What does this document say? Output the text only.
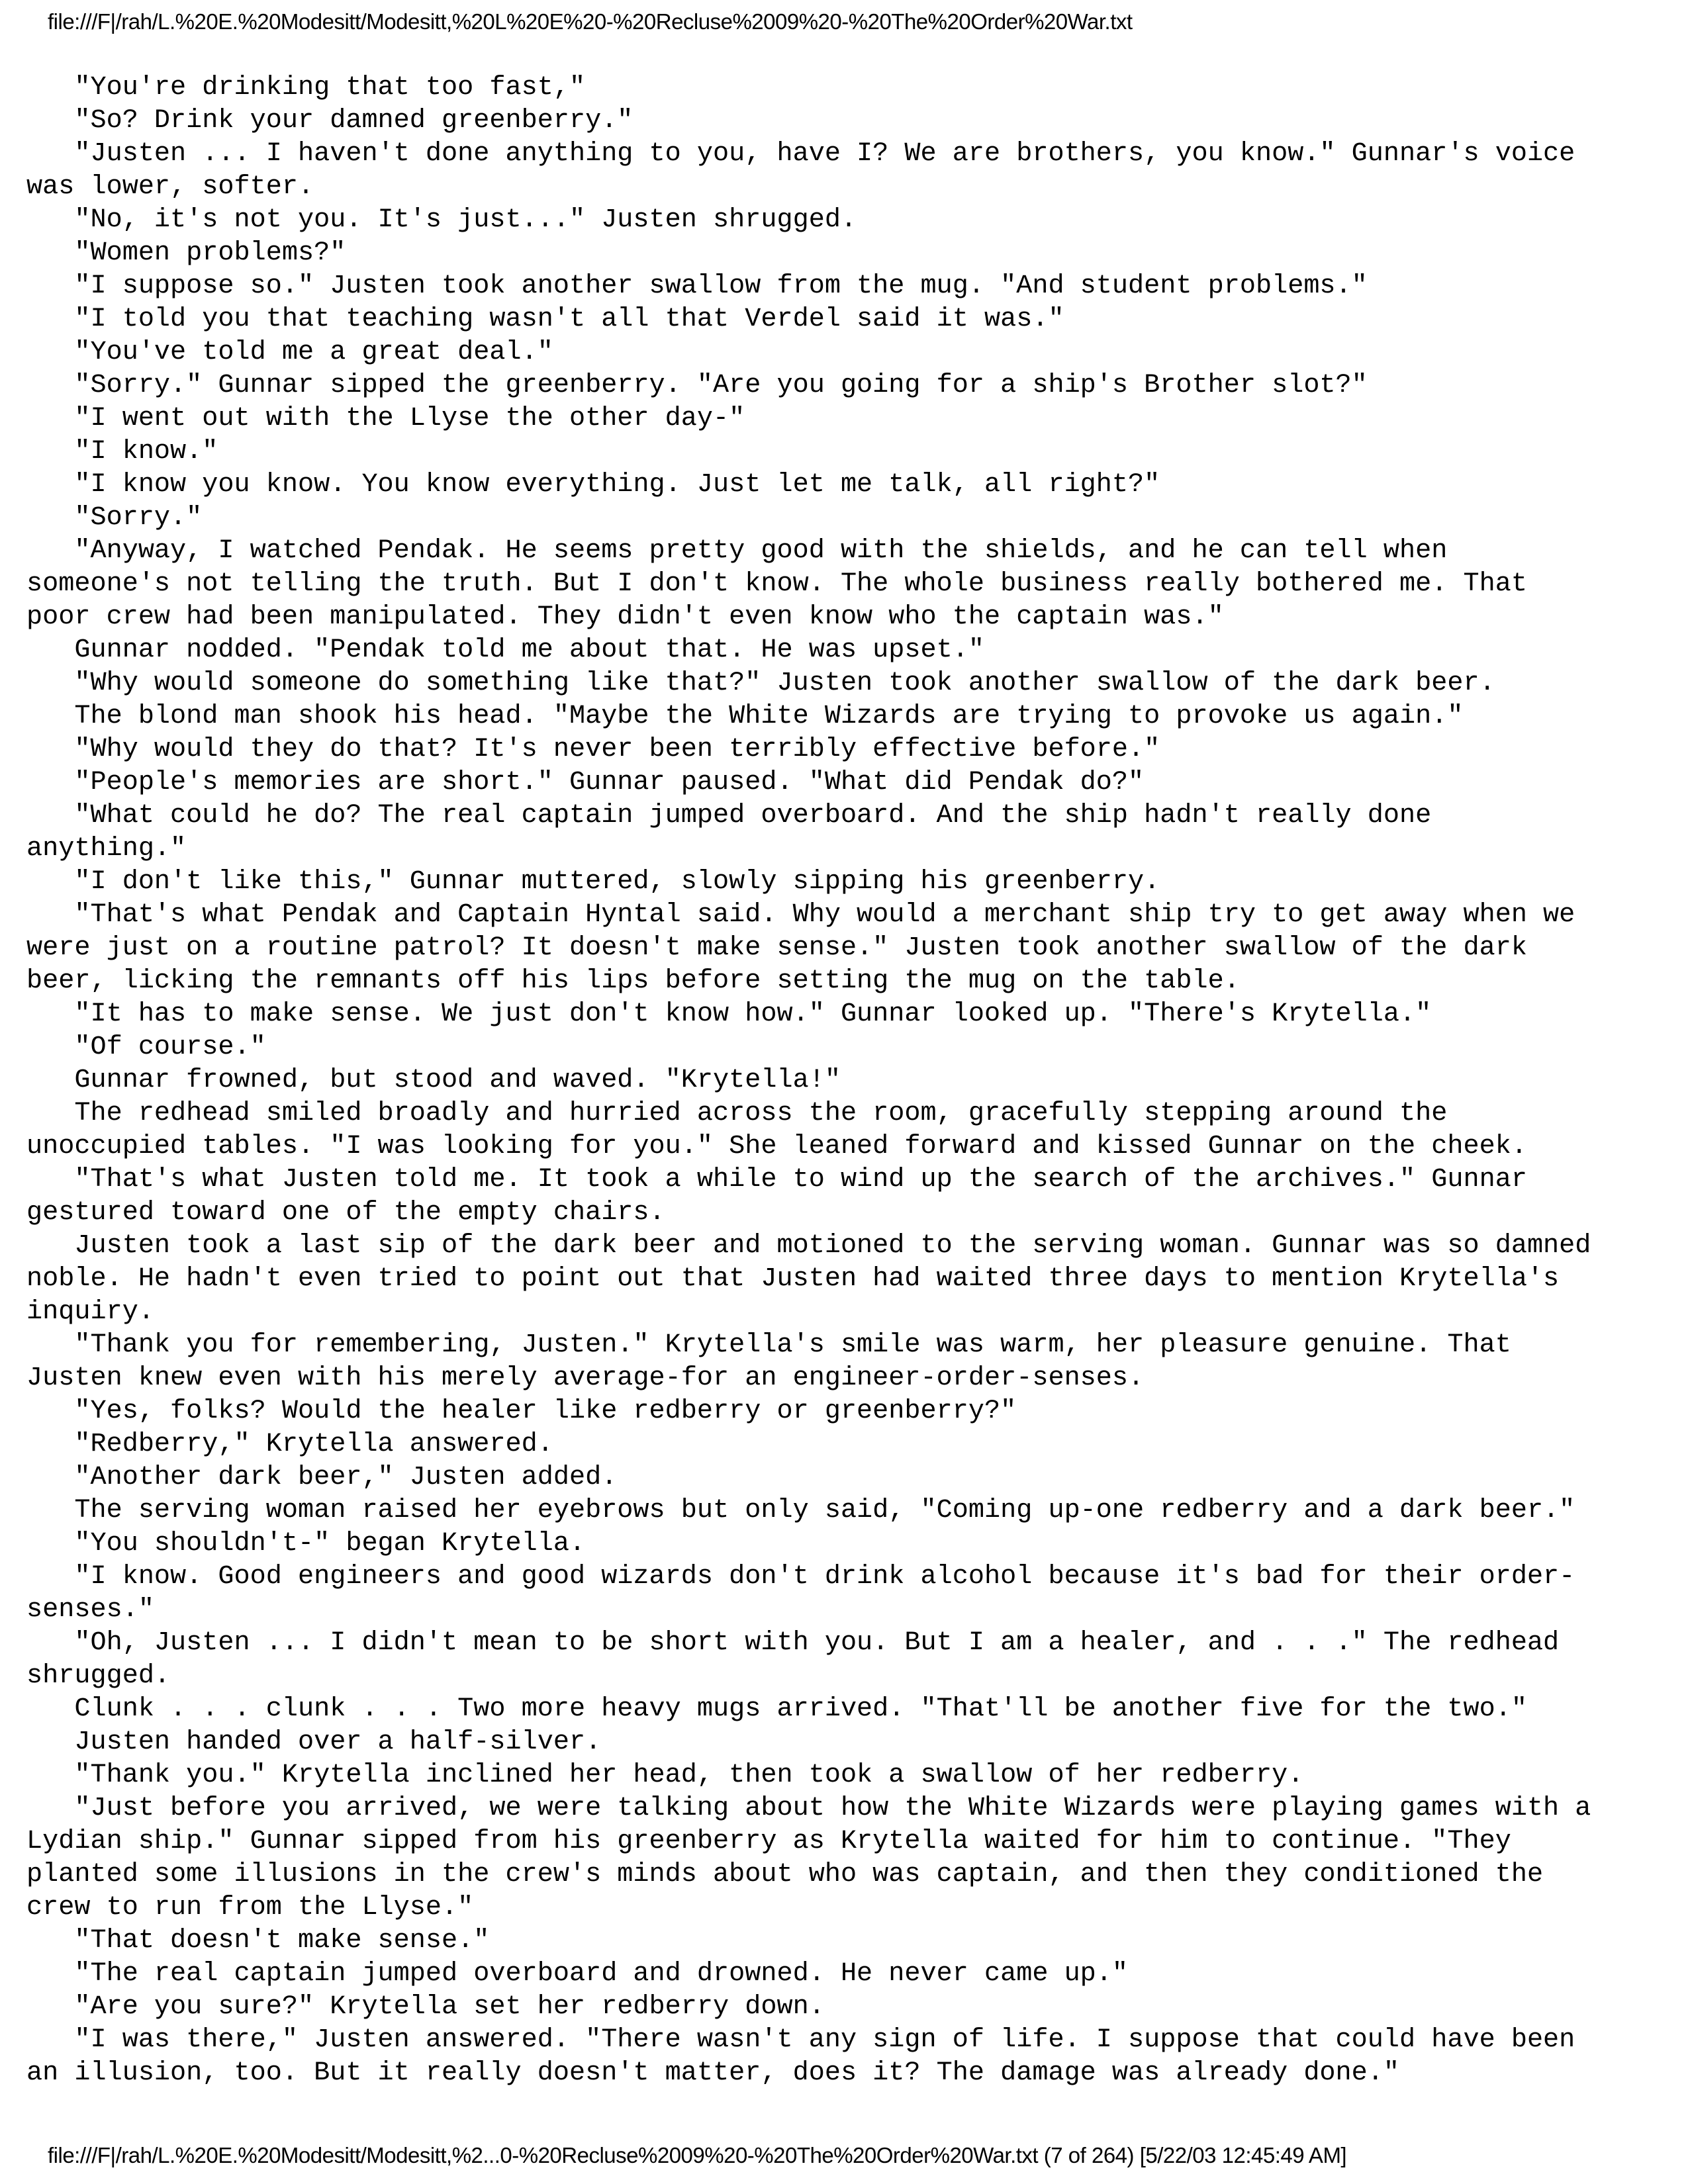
file:///F|/rah/L.%20E.%20Modesitt/Modesitt,%20L%20E%20-%20Recluse%2009%20-%20The%20Order%20War.txt
"You're drinking that too fast,"
"So? Drink your damned greenberry."
"Justen ... I haven't done anything to you, have I? We are brothers, you know." Gunnar's voice
was lower, softer.
"No, it's not you. It's just..." Justen shrugged.
"Women problems?"
"I suppose so." Justen took another swallow from the mug. "And student problems."
"I told you that teaching wasn't all that Verdel said it was."
"You've told me a great deal."
"Sorry." Gunnar sipped the greenberry. "Are you going for a ship's Brother slot?"
"I went out with the Llyse the other day-"
"I know."
"I know you know. You know everything. Just let me talk, all right?"
"Sorry."
"Anyway, I watched Pendak. He seems pretty good with the shields, and he can tell when
someone's not telling the truth. But I don't know. The whole business really bothered me. That
poor crew had been manipulated. They didn't even know who the captain was."
Gunnar nodded. "Pendak told me about that. He was upset."
"Why would someone do something like that?" Justen took another swallow of the dark beer.
The blond man shook his head. "Maybe the White Wizards are trying to provoke us again."
"Why would they do that? It's never been terribly effective before."
"People's memories are short." Gunnar paused. "What did Pendak do?"
"What could he do? The real captain jumped overboard. And the ship hadn't really done
anything."
"I don't like this," Gunnar muttered, slowly sipping his greenberry.
"That's what Pendak and Captain Hyntal said. Why would a merchant ship try to get away when we
were just on a routine patrol? It doesn't make sense." Justen took another swallow of the dark
beer, licking the remnants off his lips before setting the mug on the table.
"It has to make sense. We just don't know how." Gunnar looked up. "There's Krytella."
"Of course."
Gunnar frowned, but stood and waved. "Krytella!"
The redhead smiled broadly and hurried across the room, gracefully stepping around the
unoccupied tables. "I was looking for you." She leaned forward and kissed Gunnar on the cheek.
"That's what Justen told me. It took a while to wind up the search of the archives." Gunnar
gestured toward one of the empty chairs.
Justen took a last sip of the dark beer and motioned to the serving woman. Gunnar was so damned
noble. He hadn't even tried to point out that Justen had waited three days to mention Krytella's
inquiry.
"Thank you for remembering, Justen." Krytella's smile was warm, her pleasure genuine. That
Justen knew even with his merely average-for an engineer-order-senses.
"Yes, folks? Would the healer like redberry or greenberry?"
"Redberry," Krytella answered.
"Another dark beer," Justen added.
The serving woman raised her eyebrows but only said, "Coming up-one redberry and a dark beer."
"You shouldn't-" began Krytella.
"I know. Good engineers and good wizards don't drink alcohol because it's bad for their order-
senses."
"Oh, Justen ... I didn't mean to be short with you. But I am a healer, and . . ." The redhead
shrugged.
Clunk . . . clunk . . . Two more heavy mugs arrived. "That'll be another five for the two."
Justen handed over a half-silver.
"Thank you." Krytella inclined her head, then took a swallow of her redberry.
"Just before you arrived, we were talking about how the White Wizards were playing games with a
Lydian ship." Gunnar sipped from his greenberry as Krytella waited for him to continue. "They
planted some illusions in the crew's minds about who was captain, and then they conditioned the
crew to run from the Llyse."
"That doesn't make sense."
"The real captain jumped overboard and drowned. He never came up."
"Are you sure?" Krytella set her redberry down.
"I was there," Justen answered. "There wasn't any sign of life. I suppose that could have been
an illusion, too. But it really doesn't matter, does it? The damage was already done."
file:///F|/rah/L.%20E.%20Modesitt/Modesitt,%2...0-%20Recluse%2009%20-%20The%20Order%20War.txt (7 of 264) [5/22/03 12:45:49 AM]
